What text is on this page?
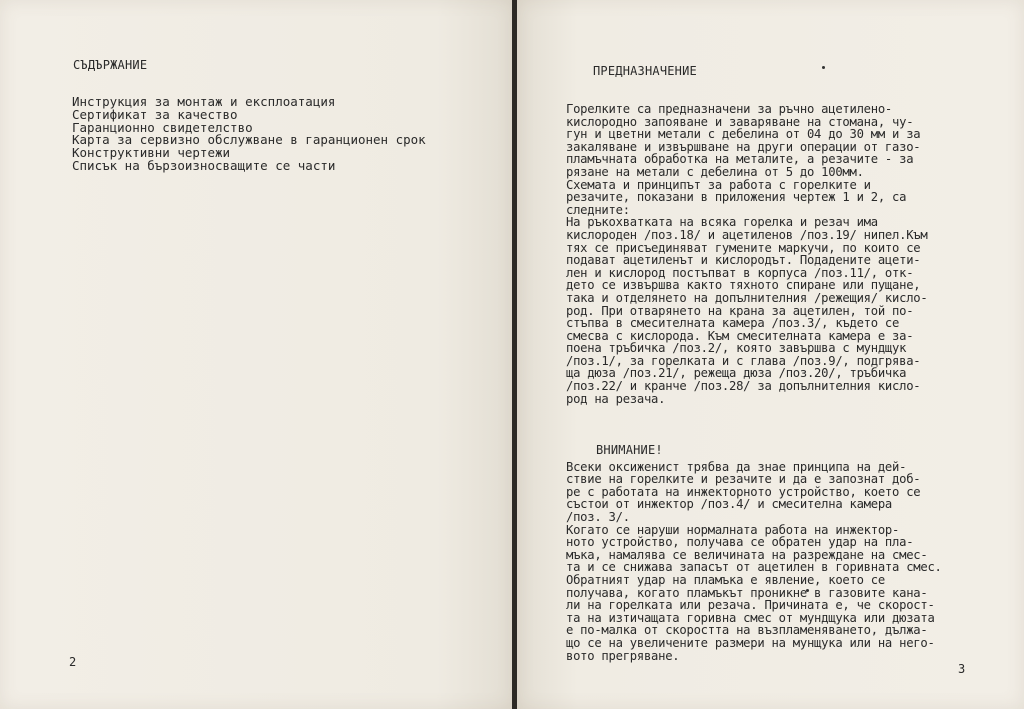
СЪДЪРЖАНИЕ
Инструкция за монтаж и експлоатация
Сертификат за качество
Гаранционно свидетелство
Карта за сервизно обслужване в гаранционен срок
Конструктивни чертежи
Списък на бързоизносващите се части
2
ПРЕДНАЗНАЧЕНИЕ
Горелките са предназначени за ръчно ацетилено-
кислородно запояване и заваряване на стомана, чу-
гун и цветни метали с дебелина от 04 до 30 мм и за
закаляване и извършване на други операции от газо-
пламъчната обработка на металите, а резачите - за
рязане на метали с дебелина от 5 до 100мм.
Схемата и принципът за работа с горелките и
резачите, показани в приложения чертеж 1 и 2, са
следните:
На ръкохватката на всяка горелка и резач има
кислороден /поз.18/ и ацетиленов /поз.19/ нипел.Към
тях се присъединяват гумените маркучи, по които се
подават ацетиленът и кислородът. Подадените ацети-
лен и кислород постъпват в корпуса /поз.11/, отк-
дето се извършва както тяхното спиране или пущане,
така и отделянето на допълнителния /режещия/ кисло-
род. При отварянето на крана за ацетилен, той по-
стъпва в смесителната камера /поз.3/, където се
смесва с кислорода. Към смесителната камера е за-
поена тръбичка /поз.2/, която завършва с мундщук
/поз.1/, за горелката и с глава /поз.9/, подгрява-
ща дюза /поз.21/, режеща дюза /поз.20/, тръбичка
/поз.22/ и кранче /поз.28/ за допълнителния кисло-
род на резача.
ВНИМАНИЕ!
Всеки оксиженист трябва да знае принципа на дей-
ствие на горелките и резачите и да е запознат доб-
ре с работата на инжекторното устройство, което се
състои от инжектор /поз.4/ и смесителна камера
/поз. 3/.
Когато се наруши нормалната работа на инжектор-
ното устройство, получава се обратен удар на пла-
мъка, намалява се величината на разреждане на смес-
та и се снижава запасът от ацетилен в горивната смес.
Обратният удар на пламъка е явление, което се
получава, когато пламъкът проникне в газовите кана-
ли на горелката или резача. Причината е, че скорост-
та на изтичащата горивна смес от мундщука или дюзата
е по-малка от скоростта на възпламеняването, дължа-
що се на увеличените размери на мунщука или на него-
вото прегряване.
3
